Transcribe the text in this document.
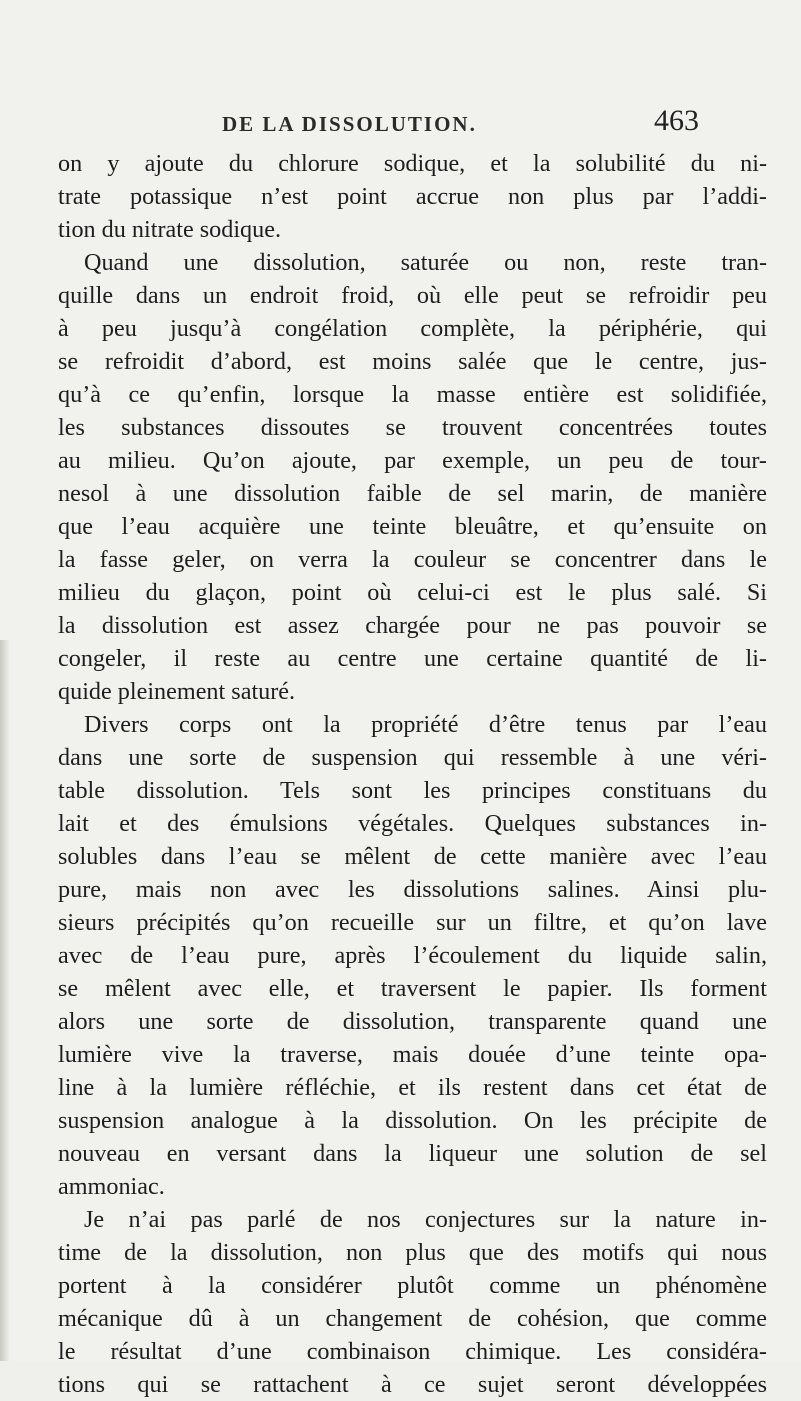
DE LA DISSOLUTION.	463
on y ajoute du chlorure sodique, et la solubilité du ni-
trate potassique n’est point accrue non plus par l’addi-
tion du nitrate sodique.
Quand une dissolution, saturée ou non, reste tran-
quille dans un endroit froid, où elle peut se refroidir peu
à peu jusqu’à congélation complète, la périphérie, qui
se refroidit d’abord, est moins salée que le centre, jus-
qu’à ce qu’enfin, lorsque la masse entière est solidifiée,
les substances dissoutes se trouvent concentrées toutes
au milieu. Qu’on ajoute, par exemple, un peu de tour-
nesol à une dissolution faible de sel marin, de manière
que l’eau acquière une teinte bleuâtre, et qu’ensuite on
la fasse geler, on verra la couleur se concentrer dans le
milieu du glaçon, point où celui-ci est le plus salé. Si
la dissolution est assez chargée pour ne pas pouvoir se
congeler, il reste au centre une certaine quantité de li-
quide pleinement saturé.
Divers corps ont la propriété d’être tenus par l’eau
dans une sorte de suspension qui ressemble à une véri-
table dissolution. Tels sont les principes constituans du
lait et des émulsions végétales. Quelques substances in-
solubles dans l’eau se mêlent de cette manière avec l’eau
pure, mais non avec les dissolutions salines. Ainsi plu-
sieurs précipités qu’on recueille sur un filtre, et qu’on lave
avec de l’eau pure, après l’écoulement du liquide salin,
se mêlent avec elle, et traversent le papier. Ils forment
alors une sorte de dissolution, transparente quand une
lumière vive la traverse, mais douée d’une teinte opa-
line à la lumière réfléchie, et ils restent dans cet état de
suspension analogue à la dissolution. On les précipite de
nouveau en versant dans la liqueur une solution de sel
ammoniac.
Je n’ai pas parlé de nos conjectures sur la nature in-
time de la dissolution, non plus que des motifs qui nous
portent à la considérer plutôt comme un phénomène
mécanique dû à un changement de cohésion, que comme
le résultat d’une combinaison chimique. Les considéra-
tions qui se rattachent à ce sujet seront développées
